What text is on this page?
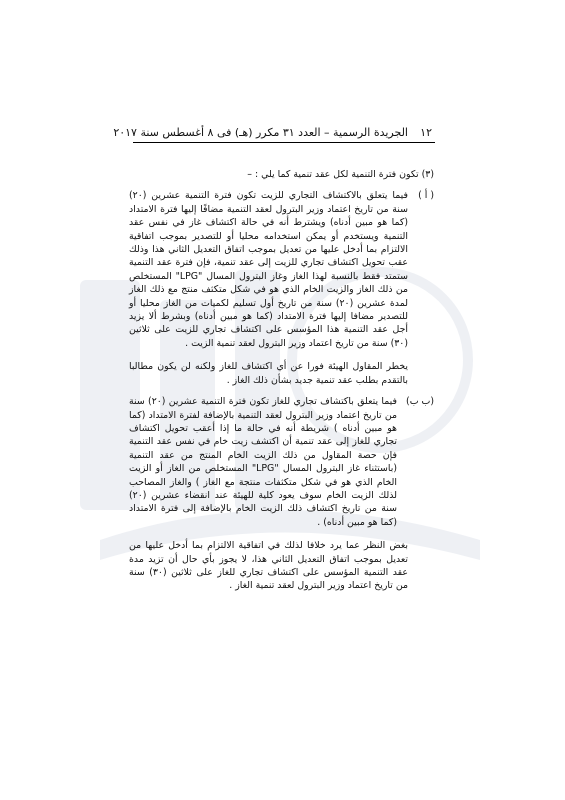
١٢
الجريدة الرسمية – العدد ٣١ مكرر (هـ) فى ٨ أغسطس سنة ٢٠١٧

(٣) تكون فترة التنمية لكل عقد تنمية كما يلي : –

( أ )

فيما يتعلق بالاكتشاف التجاري للزيت تكون فترة التنمية عشرين (٢٠) سنة من تاريخ اعتماد وزير البترول لعقد التنمية مضافًا إليها فترة الامتداد (كما هو مبين أدناه) ويشترط أنه في حالة اكتشاف غاز في نفس عقد التنمية ويستخدم أو يمكن استخدامه محليا أو للتصدير بموجب اتفاقية الالتزام بما أدخل عليها من تعديل بموجب اتفاق التعديل الثاني هذا وذلك عقب تحويل اكتشاف تجاري للزيت إلى عقد تنمية، فإن فترة عقد التنمية ستمتد فقط بالنسبة لهذا الغاز وغاز البترول المسال "LPG" المستخلص من ذلك الغاز والزيت الخام الذي هو في شكل متكثف منتج مع ذلك الغاز لمدة عشرين (٢٠) سنة من تاريخ أول تسليم لكميات من الغاز محليا أو للتصدير مضافا إليها فترة الامتداد (كما هو مبين أدناه) وبشرط ألا يزيد أجل عقد التنمية هذا المؤسس على اكتشاف تجاري للزيت على ثلاثين (٣٠) سنة من تاريخ اعتماد وزير البترول لعقد تنمية الزيت .

يخطر المقاول الهيئة فورا عن أي اكتشاف للغاز ولكنه لن يكون مطالبا بالتقدم بطلب عقد تنمية جديد بشأن ذلك الغاز .

(ب ب)

فيما يتعلق باكتشاف تجاري للغاز تكون فترة التنمية عشرين (٢٠) سنة من تاريخ اعتماد وزير البترول لعقد التنمية بالإضافة لفترة الامتداد (كما هو مبين أدناه ) شريطة أنه في حالة ما إذا أعقب تحويل اكتشاف تجاري للغاز إلى عقد تنمية أن اكتشف زيت خام في نفس عقد التنمية فإن حصة المقاول من ذلك الزيت الخام المنتج من عقد التنمية (باستثناء غاز البترول المسال "LPG" المستخلص من الغاز أو الزيت الخام الذي هو في شكل متكثفات منتجة مع الغاز ) والغاز المصاحب لذلك الزيت الخام سوف يعود كلية للهيئة عند انقضاء عشرين (٢٠) سنة من تاريخ اكتشاف ذلك الزيت الخام بالإضافة إلى فترة الامتداد (كما هو مبين أدناه) .

بغض النظر عما يرد خلافا لذلك في اتفاقية الالتزام بما أدخل عليها من تعديل بموجب اتفاق التعديل الثاني هذا، لا يجوز بأي حال أن تزيد مدة عقد التنمية المؤسس على اكتشاف تجاري للغاز على ثلاثين (٣٠) سنة من تاريخ اعتماد وزير البترول لعقد تنمية الغاز .
